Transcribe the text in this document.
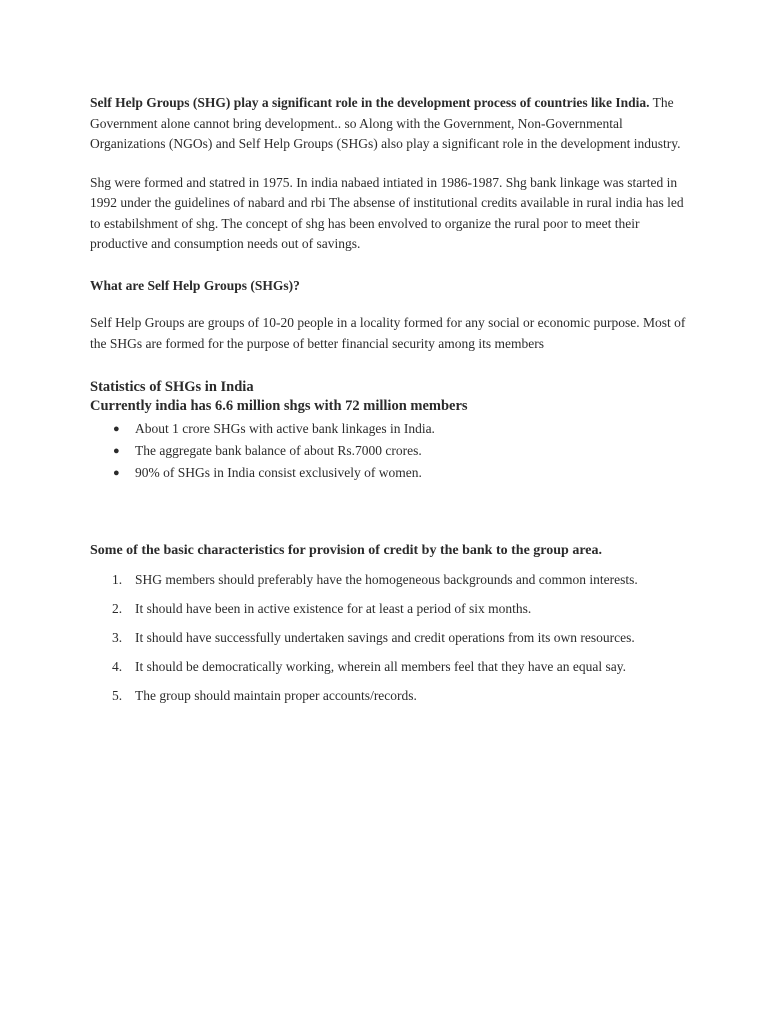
Self Help Groups (SHG) play a significant role in the development process of countries like India. The Government alone cannot bring development.. so Along with the Government, Non-Governmental Organizations (NGOs) and Self Help Groups (SHGs) also play a significant role in the development industry.

Shg were formed and statred in 1975. In india nabaed intiated in 1986-1987. Shg bank linkage was started in 1992 under the guidelines of nabard and rbi The absense of institutional credits available in rural india has led to estabilshment of shg. The concept of shg has been envolved to organize the rural poor to meet their productive and consumption needs out of savings.

What are Self Help Groups (SHGs)?

Self Help Groups are groups of 10-20 people in a locality formed for any social or economic purpose. Most of the SHGs are formed for the purpose of better financial security among its members

Statistics of SHGs in India
Currently india has 6.6 million shgs with 72 million members
● About 1 crore SHGs with active bank linkages in India.
● The aggregate bank balance of about Rs.7000 crores.
● 90% of SHGs in India consist exclusively of women.

Some of the basic characteristics for provision of credit by the bank to the group area.

1. SHG members should preferably have the homogeneous backgrounds and common interests.
2. It should have been in active existence for at least a period of six months.
3. It should have successfully undertaken savings and credit operations from its own resources.
4. It should be democratically working, wherein all members feel that they have an equal say.
5. The group should maintain proper accounts/records.
